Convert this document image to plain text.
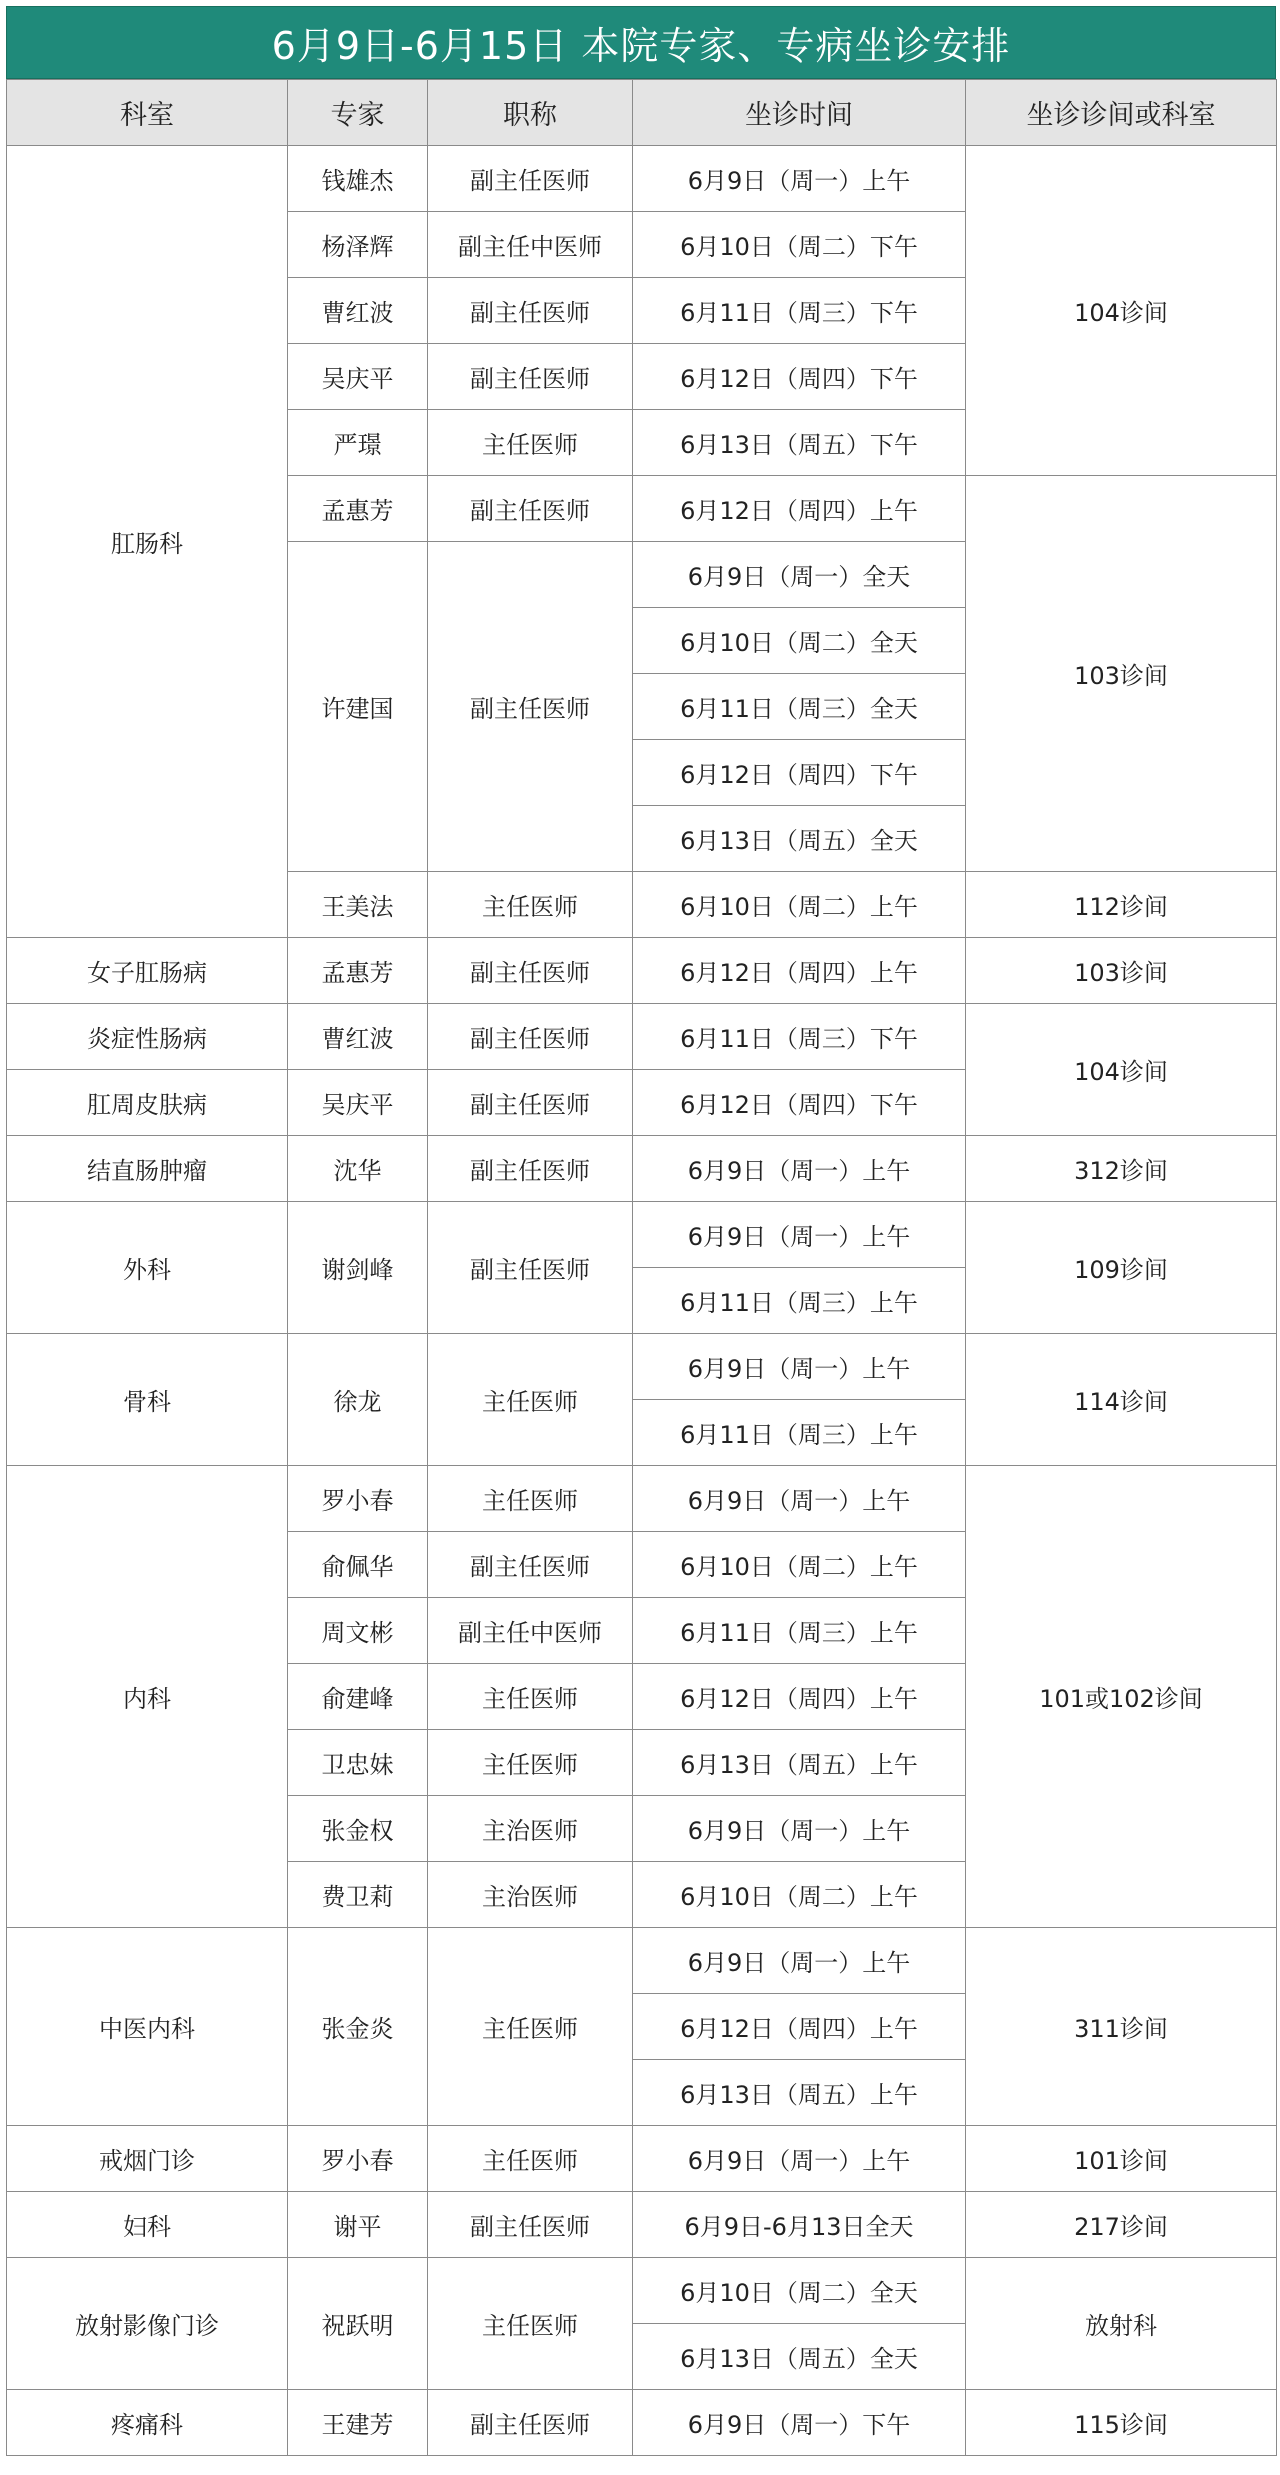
6月9日-6月15日 本院专家、专病坐诊安排
科室	专家	职称	坐诊时间	坐诊诊间或科室
肛肠科	钱雄杰	副主任医师	6月9日（周一）上午	104诊间
	杨泽辉	副主任中医师	6月10日（周二）下午	
	曹红波	副主任医师	6月11日（周三）下午	
	吴庆平	副主任医师	6月12日（周四）下午	
	严璟	主任医师	6月13日（周五）下午	
	孟惠芳	副主任医师	6月12日（周四）上午	103诊间
	许建国	副主任医师	6月9日（周一）全天	
			6月10日（周二）全天	
			6月11日（周三）全天	
			6月12日（周四）下午	
			6月13日（周五）全天	
	王美法	主任医师	6月10日（周二）上午	112诊间
女子肛肠病	孟惠芳	副主任医师	6月12日（周四）上午	103诊间
炎症性肠病	曹红波	副主任医师	6月11日（周三）下午	104诊间
肛周皮肤病	吴庆平	副主任医师	6月12日（周四）下午	
结直肠肿瘤	沈华	副主任医师	6月9日（周一）上午	312诊间
外科	谢剑峰	副主任医师	6月9日（周一）上午	109诊间
			6月11日（周三）上午	
骨科	徐龙	主任医师	6月9日（周一）上午	114诊间
			6月11日（周三）上午	
内科	罗小春	主任医师	6月9日（周一）上午	101或102诊间
	俞佩华	副主任医师	6月10日（周二）上午	
	周文彬	副主任中医师	6月11日（周三）上午	
	俞建峰	主任医师	6月12日（周四）上午	
	卫忠妹	主任医师	6月13日（周五）上午	
	张金权	主治医师	6月9日（周一）上午	
	费卫莉	主治医师	6月10日（周二）上午	
中医内科	张金炎	主任医师	6月9日（周一）上午	311诊间
			6月12日（周四）上午	
			6月13日（周五）上午	
戒烟门诊	罗小春	主任医师	6月9日（周一）上午	101诊间
妇科	谢平	副主任医师	6月9日-6月13日全天	217诊间
放射影像门诊	祝跃明	主任医师	6月10日（周二）全天	放射科
			6月13日（周五）全天	
疼痛科	王建芳	副主任医师	6月9日（周一）下午	115诊间
